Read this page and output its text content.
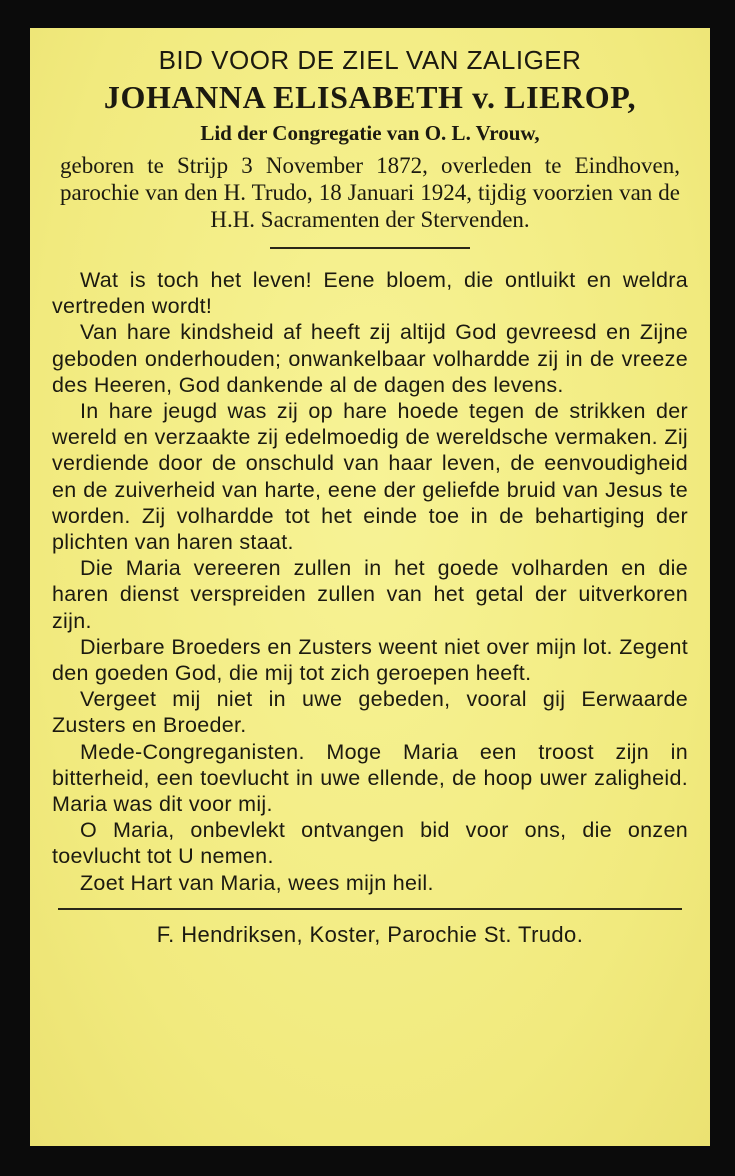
BID VOOR DE ZIEL VAN ZALIGER
JOHANNA ELISABETH v. LIEROP,
Lid der Congregatie van O. L. Vrouw,
geboren te Strijp 3 November 1872, overleden te Eindhoven, parochie van den H. Trudo, 18 Januari 1924, tijdig voorzien van de H.H. Sacramenten der Stervenden.

Wat is toch het leven! Eene bloem, die ontluikt en weldra vertreden wordt!

Van hare kindsheid af heeft zij altijd God gevreesd en Zijne geboden onderhouden; onwankelbaar volhardde zij in de vreeze des Heeren, God dankende al de dagen des levens.

In hare jeugd was zij op hare hoede tegen de strikken der wereld en verzaakte zij edelmoedig de wereldsche vermaken. Zij verdiende door de onschuld van haar leven, de eenvoudigheid en de zuiverheid van harte, eene der geliefde bruid van Jesus te worden. Zij volhardde tot het einde toe in de behartiging der plichten van haren staat.

Die Maria vereeren zullen in het goede volharden en die haren dienst verspreiden zullen van het getal der uitverkoren zijn.

Dierbare Broeders en Zusters weent niet over mijn lot. Zegent den goeden God, die mij tot zich geroepen heeft.

Vergeet mij niet in uwe gebeden, vooral gij Eerwaarde Zusters en Broeder.

Mede-Congreganisten. Moge Maria een troost zijn in bitterheid, een toevlucht in uwe ellende, de hoop uwer zaligheid. Maria was dit voor mij.

O Maria, onbevlekt ontvangen bid voor ons, die onzen toevlucht tot U nemen.

Zoet Hart van Maria, wees mijn heil.

F. Hendriksen, Koster, Parochie St. Trudo.
